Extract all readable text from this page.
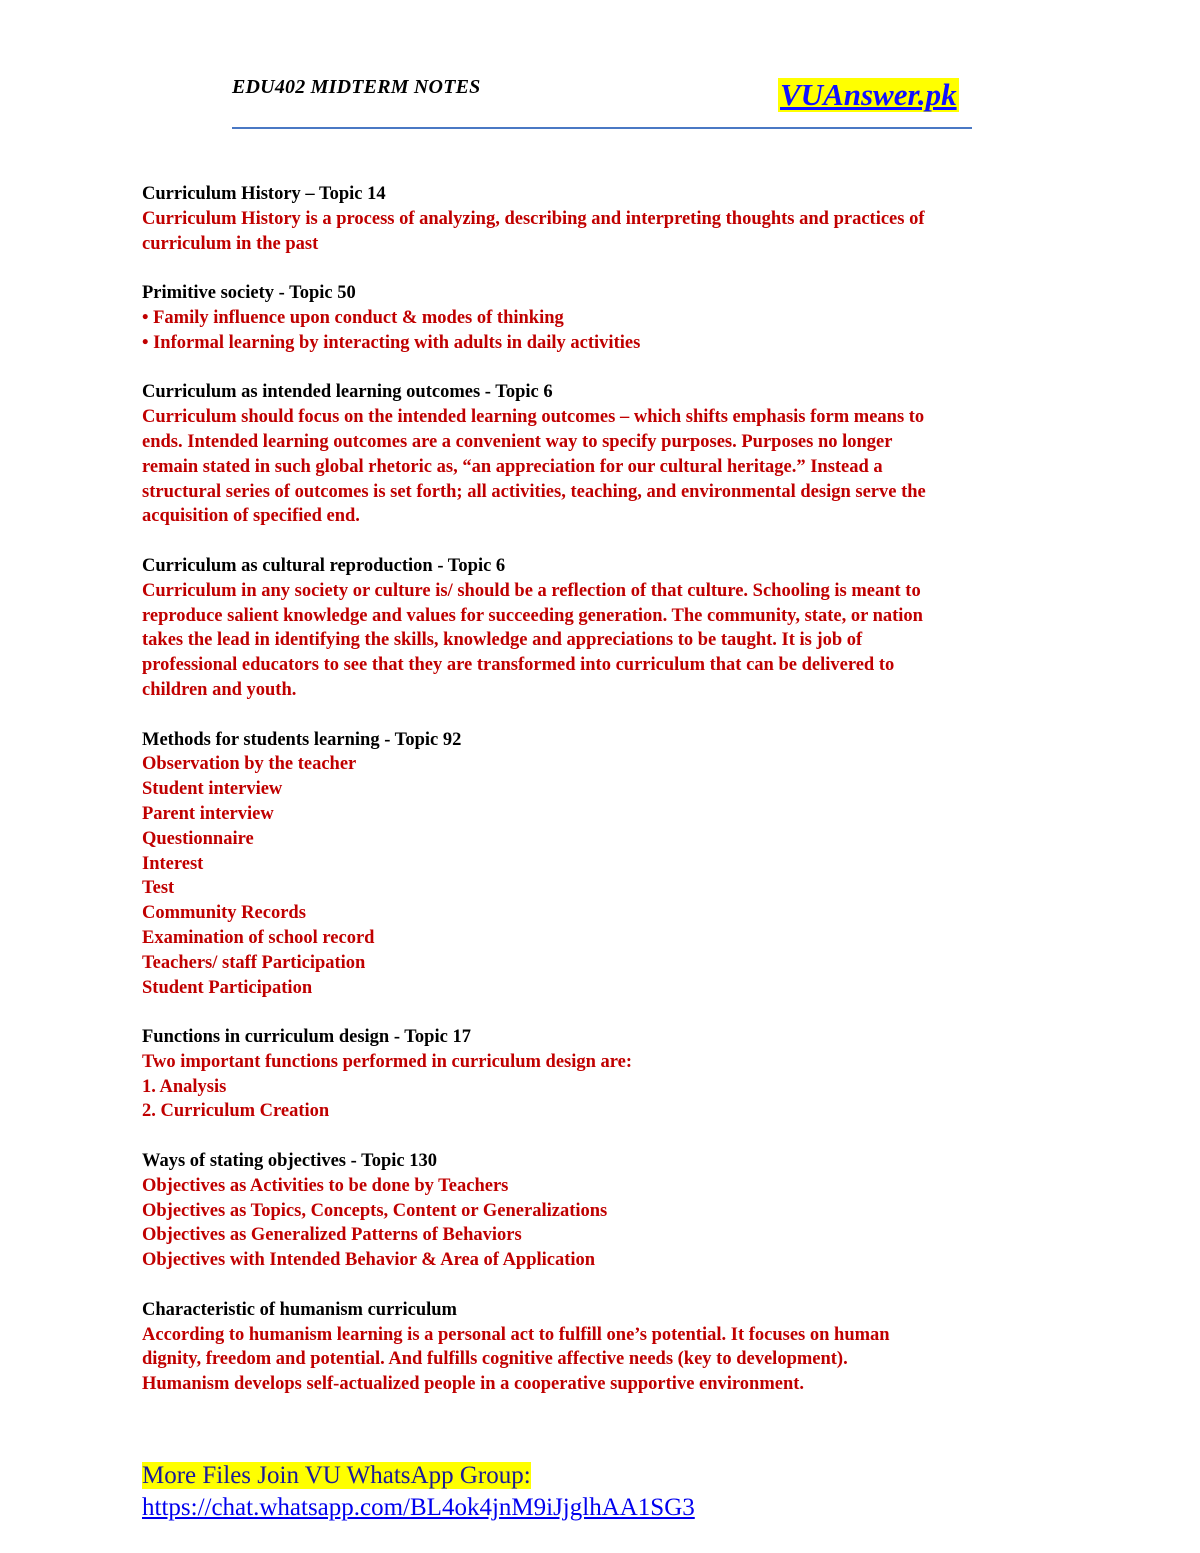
EDU402 MIDTERM NOTES	VUAnswer.pk
Curriculum History – Topic 14
Curriculum History is a process of analyzing, describing and interpreting thoughts and practices of
curriculum in the past
Primitive society - Topic 50
• Family influence upon conduct & modes of thinking
• Informal learning by interacting with adults in daily activities
Curriculum as intended learning outcomes - Topic 6
Curriculum should focus on the intended learning outcomes – which shifts emphasis form means to
ends. Intended learning outcomes are a convenient way to specify purposes. Purposes no longer
remain stated in such global rhetoric as, “an appreciation for our cultural heritage.” Instead a
structural series of outcomes is set forth; all activities, teaching, and environmental design serve the
acquisition of specified end.
Curriculum as cultural reproduction - Topic 6
Curriculum in any society or culture is/ should be a reflection of that culture. Schooling is meant to
reproduce salient knowledge and values for succeeding generation. The community, state, or nation
takes the lead in identifying the skills, knowledge and appreciations to be taught. It is job of
professional educators to see that they are transformed into curriculum that can be delivered to
children and youth.
Methods for students learning - Topic 92
Observation by the teacher
Student interview
Parent interview
Questionnaire
Interest
Test
Community Records
Examination of school record
Teachers/ staff Participation
Student Participation
Functions in curriculum design - Topic 17
Two important functions performed in curriculum design are:
1. Analysis
2. Curriculum Creation
Ways of stating objectives - Topic 130
Objectives as Activities to be done by Teachers
Objectives as Topics, Concepts, Content or Generalizations
Objectives as Generalized Patterns of Behaviors
Objectives with Intended Behavior & Area of Application
Characteristic of humanism curriculum
According to humanism learning is a personal act to fulfill one’s potential. It focuses on human
dignity, freedom and potential. And fulfills cognitive affective needs (key to development).
Humanism develops self-actualized people in a cooperative supportive environment.
More Files Join VU WhatsApp Group:
https://chat.whatsapp.com/BL4ok4jnM9iJjglhAA1SG3
